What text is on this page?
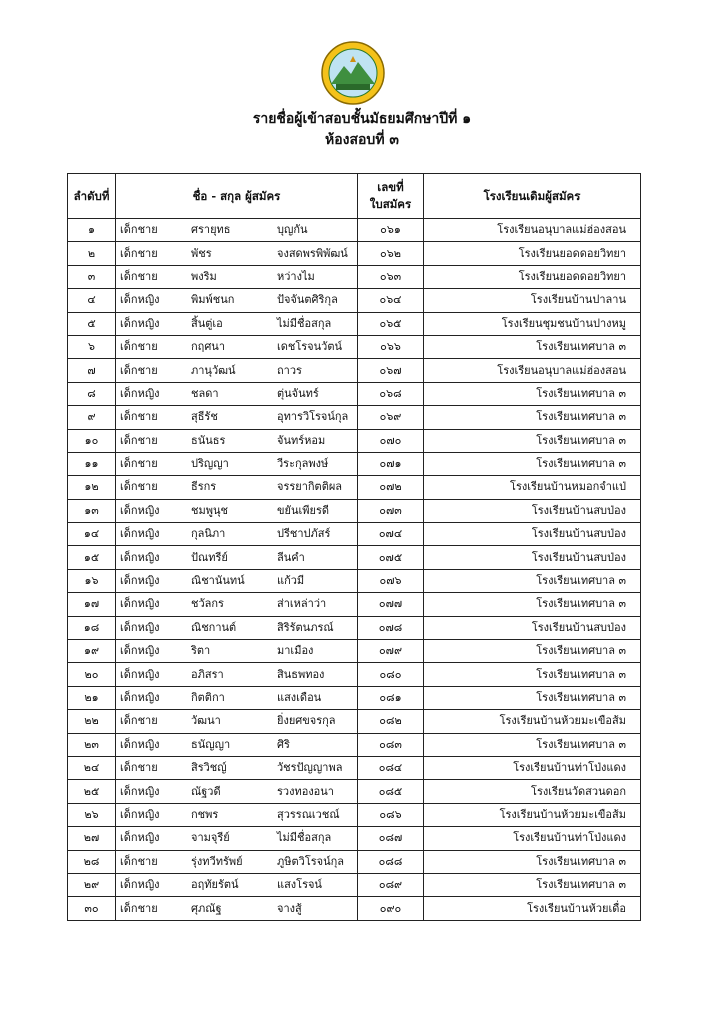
รายชื่อผู้เข้าสอบชั้นมัธยมศึกษาปีที่ ๑
ห้องสอบที่ ๓
ลำดับที่	ชื่อ - สกุล ผู้สมัคร	เลขที่
ใบสมัคร	โรงเรียนเดิมผู้สมัคร
๑	เด็กชาย ศรายุทธ บุญกัน	๐๖๑	โรงเรียนอนุบาลแม่ฮ่องสอน
๒	เด็กชาย พัชร จงสดพรพิพัฒน์	๐๖๒	โรงเรียนยอดดอยวิทยา
๓	เด็กชาย พงริม หว่างไม	๐๖๓	โรงเรียนยอดดอยวิทยา
๔	เด็กหญิง พิมพ์ชนก ปัจจันตศิริกุล	๐๖๔	โรงเรียนบ้านปาลาน
๕	เด็กหญิง สิ้นตู่เอ ไม่มีชื่อสกุล	๐๖๕	โรงเรียนชุมชนบ้านปางหมู
๖	เด็กชาย กฤศนา เดชโรจนวัตน์	๐๖๖	โรงเรียนเทศบาล ๓
๗	เด็กชาย ภานุวัฒน์ ถาวร	๐๖๗	โรงเรียนอนุบาลแม่ฮ่องสอน
๘	เด็กหญิง ชลดา ตุ่นจันทร์	๐๖๘	โรงเรียนเทศบาล ๓
๙	เด็กชาย สุธีรัช อุทารวิโรจน์กุล	๐๖๙	โรงเรียนเทศบาล ๓
๑๐	เด็กชาย ธนันธร จันทร์หอม	๐๗๐	โรงเรียนเทศบาล ๓
๑๑	เด็กชาย ปริญญา วีระกุลพงษ์	๐๗๑	โรงเรียนเทศบาล ๓
๑๒	เด็กชาย ธีรกร จรรยากิตติผล	๐๗๒	โรงเรียนบ้านหมอกจำแป่
๑๓	เด็กหญิง ชมพูนุช ขยันเพียรดี	๐๗๓	โรงเรียนบ้านสบป่อง
๑๔	เด็กหญิง กุลนิภา ปรีชาปภัสร์	๐๗๔	โรงเรียนบ้านสบป่อง
๑๕	เด็กหญิง ปัณทรีย์ ลีนคำ	๐๗๕	โรงเรียนบ้านสบป่อง
๑๖	เด็กหญิง ณิชานันทน์ แก้วมี	๐๗๖	โรงเรียนเทศบาล ๓
๑๗	เด็กหญิง ชวัลกร ส่าเหล่าว่า	๐๗๗	โรงเรียนเทศบาล ๓
๑๘	เด็กหญิง ณิชกานต์ สิริรัตนภรณ์	๐๗๘	โรงเรียนบ้านสบป่อง
๑๙	เด็กหญิง ริตา มาเมือง	๐๗๙	โรงเรียนเทศบาล ๓
๒๐	เด็กหญิง อภิสรา สินธพทอง	๐๘๐	โรงเรียนเทศบาล ๓
๒๑	เด็กหญิง กิตติกา แสงเดือน	๐๘๑	โรงเรียนเทศบาล ๓
๒๒	เด็กชาย วัฒนา ยิ่งยศขจรกุล	๐๘๒	โรงเรียนบ้านห้วยมะเขือส้ม
๒๓	เด็กหญิง ธนัญญา ศิริ	๐๘๓	โรงเรียนเทศบาล ๓
๒๔	เด็กชาย สิรวิชญ์ วัชรปัญญาพล	๐๘๔	โรงเรียนบ้านท่าโป่งแดง
๒๕	เด็กหญิง ณัฐวดี รวงทองอนา	๐๘๕	โรงเรียนวัดสวนดอก
๒๖	เด็กหญิง กชพร สุวรรณเวชณ์	๐๘๖	โรงเรียนบ้านห้วยมะเขือส้ม
๒๗	เด็กหญิง จามจุรีย์ ไม่มีชื่อสกุล	๐๘๗	โรงเรียนบ้านท่าโป่งแดง
๒๘	เด็กชาย รุ่งทวีทรัพย์ ภูษิตวิโรจน์กุล	๐๘๘	โรงเรียนเทศบาล ๓
๒๙	เด็กหญิง อฤทัยรัตน์ แสงโรจน์	๐๘๙	โรงเรียนเทศบาล ๓
๓๐	เด็กชาย ศุภณัฐ จางสู้	๐๙๐	โรงเรียนบ้านห้วยเดื่อ
